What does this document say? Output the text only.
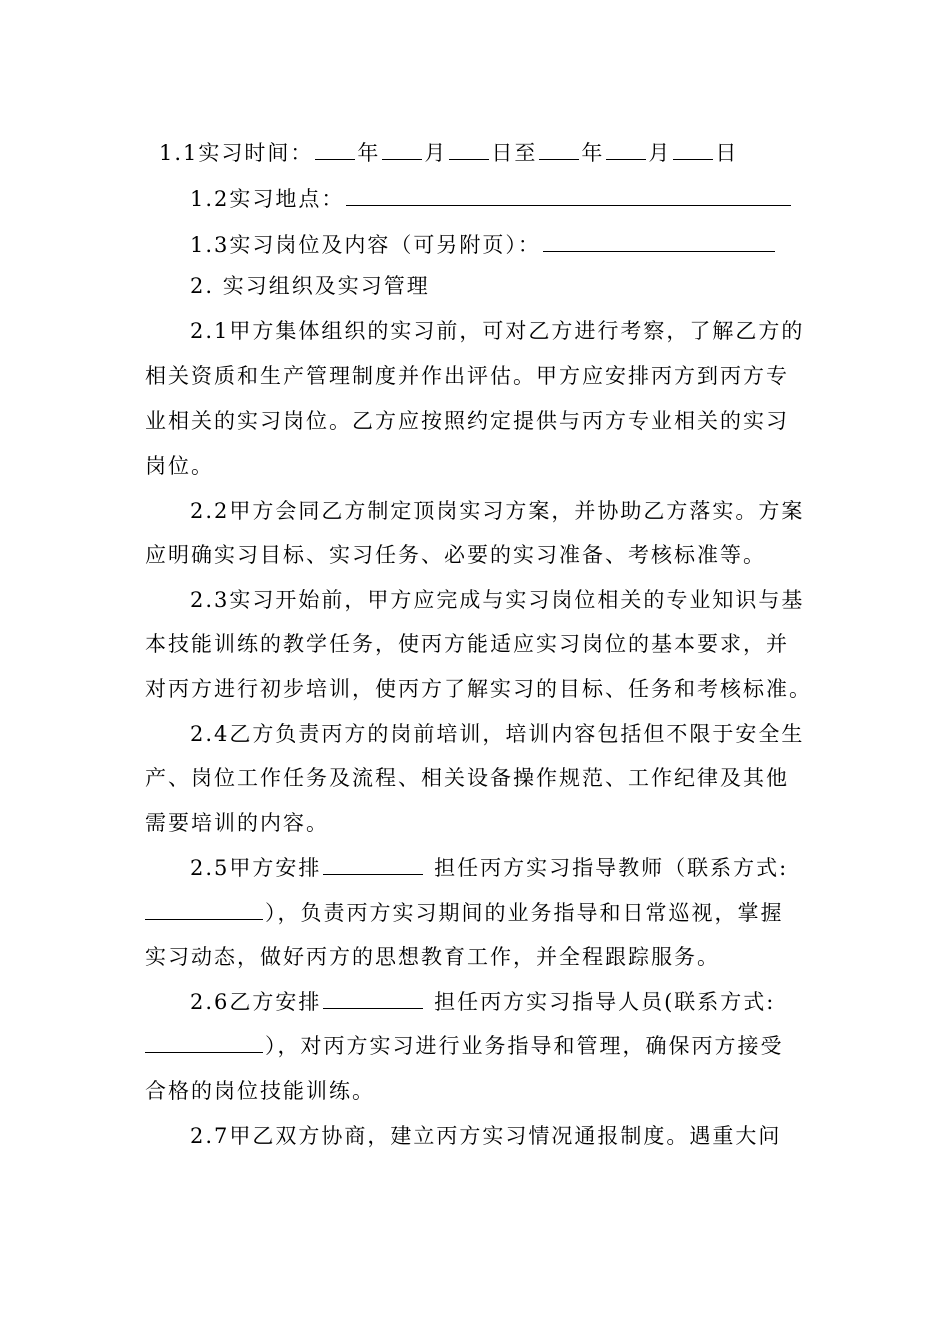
1.1实习时间： 年 月 日至 年 月 日
1.2实习地点：
1.3实习岗位及内容（可另附页）：
2. 实习组织及实习管理
2.1甲方集体组织的实习前，可对乙方进行考察，了解乙方的
相关资质和生产管理制度并作出评估。甲方应安排丙方到丙方专
业相关的实习岗位。乙方应按照约定提供与丙方专业相关的实习
岗位。
2.2甲方会同乙方制定顶岗实习方案，并协助乙方落实。方案
应明确实习目标、实习任务、必要的实习准备、考核标准等。
2.3实习开始前，甲方应完成与实习岗位相关的专业知识与基
本技能训练的教学任务，使丙方能适应实习岗位的基本要求，并
对丙方进行初步培训，使丙方了解实习的目标、任务和考核标准。
2.4乙方负责丙方的岗前培训，培训内容包括但不限于安全生
产、岗位工作任务及流程、相关设备操作规范、工作纪律及其他
需要培训的内容。
2.5甲方安排	担任丙方实习指导教师（联系方式:
），负责丙方实习期间的业务指导和日常巡视，掌握
实习动态，做好丙方的思想教育工作，并全程跟踪服务。
2.6乙方安排	担任丙方实习指导人员(联系方式:
），对丙方实习进行业务指导和管理，确保丙方接受
合格的岗位技能训练。
2.7甲乙双方协商，建立丙方实习情况通报制度。遇重大问
